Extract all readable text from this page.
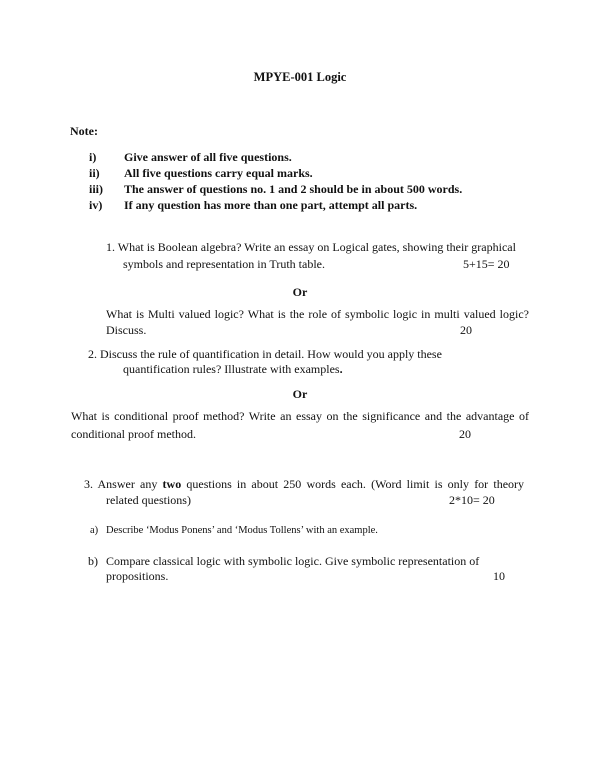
MPYE-001 Logic
Note:
i) Give answer of all five questions.
ii) All five questions carry equal marks.
iii) The answer of questions no. 1 and 2 should be in about 500 words.
iv) If any question has more than one part, attempt all parts.
1. What is Boolean algebra? Write an essay on Logical gates, showing their graphical
symbols and representation in Truth table.	5+15= 20
Or
What is Multi valued logic? What is the role of symbolic logic in multi valued logic?
Discuss.	20
2. Discuss the rule of quantification in detail. How would you apply these
quantification rules? Illustrate with examples.
Or
What is conditional proof method? Write an essay on the significance and the advantage of
conditional proof method.	20
3. Answer any two questions in about 250 words each. (Word limit is only for theory
related questions)	2*10= 20
a) Describe ‘Modus Ponens’ and ‘Modus Tollens’ with an example.
b) Compare classical logic with symbolic logic. Give symbolic representation of
propositions.	10
